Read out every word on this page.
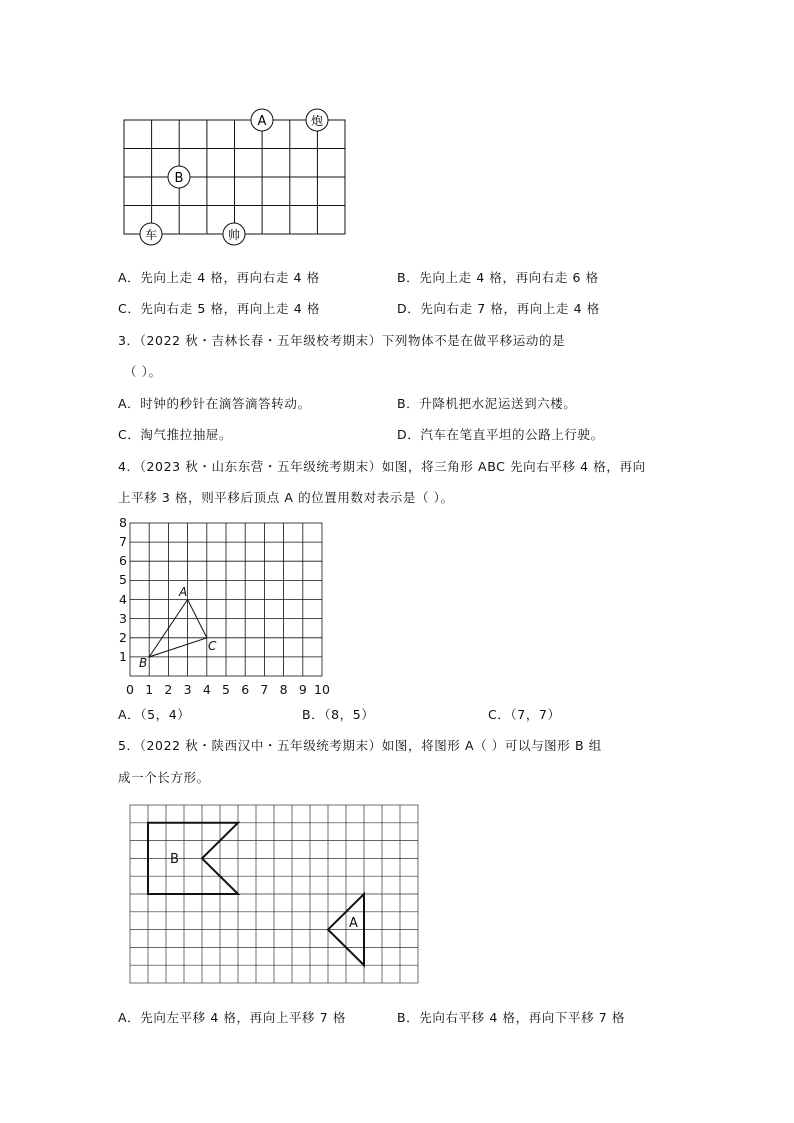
A	炮
B
车	帅
A．先向上走 4 格，再向右走 4 格	B．先向上走 4 格，再向右走 6 格
C．先向右走 5 格，再向上走 4 格	D．先向右走 7 格，再向上走 4 格
3．（2022 秋・吉林长春・五年级校考期末）下列物体不是在做平移运动的是
（ ）。
A．时钟的秒针在滴答滴答转动。	B．升降机把水泥运送到六楼。
C．淘气推拉抽屉。	D．汽车在笔直平坦的公路上行驶。
4．（2023 秋・山东东营・五年级统考期末）如图，将三角形 ABC 先向右平移 4 格，再向
上平移 3 格，则平移后顶点 A 的位置用数对表示是（ ）。
0 1 2 3 4 5 6 7 8 9 10
1
2
3
4
5
6
7
8
A
B
C
A．（5，4）	B．（8，5）	C．（7，7）
5．（2022 秋・陕西汉中・五年级统考期末）如图，将图形 A（ ）可以与图形 B 组
成一个长方形。
B
A
A．先向左平移 4 格，再向上平移 7 格	B．先向右平移 4 格，再向下平移 7 格
